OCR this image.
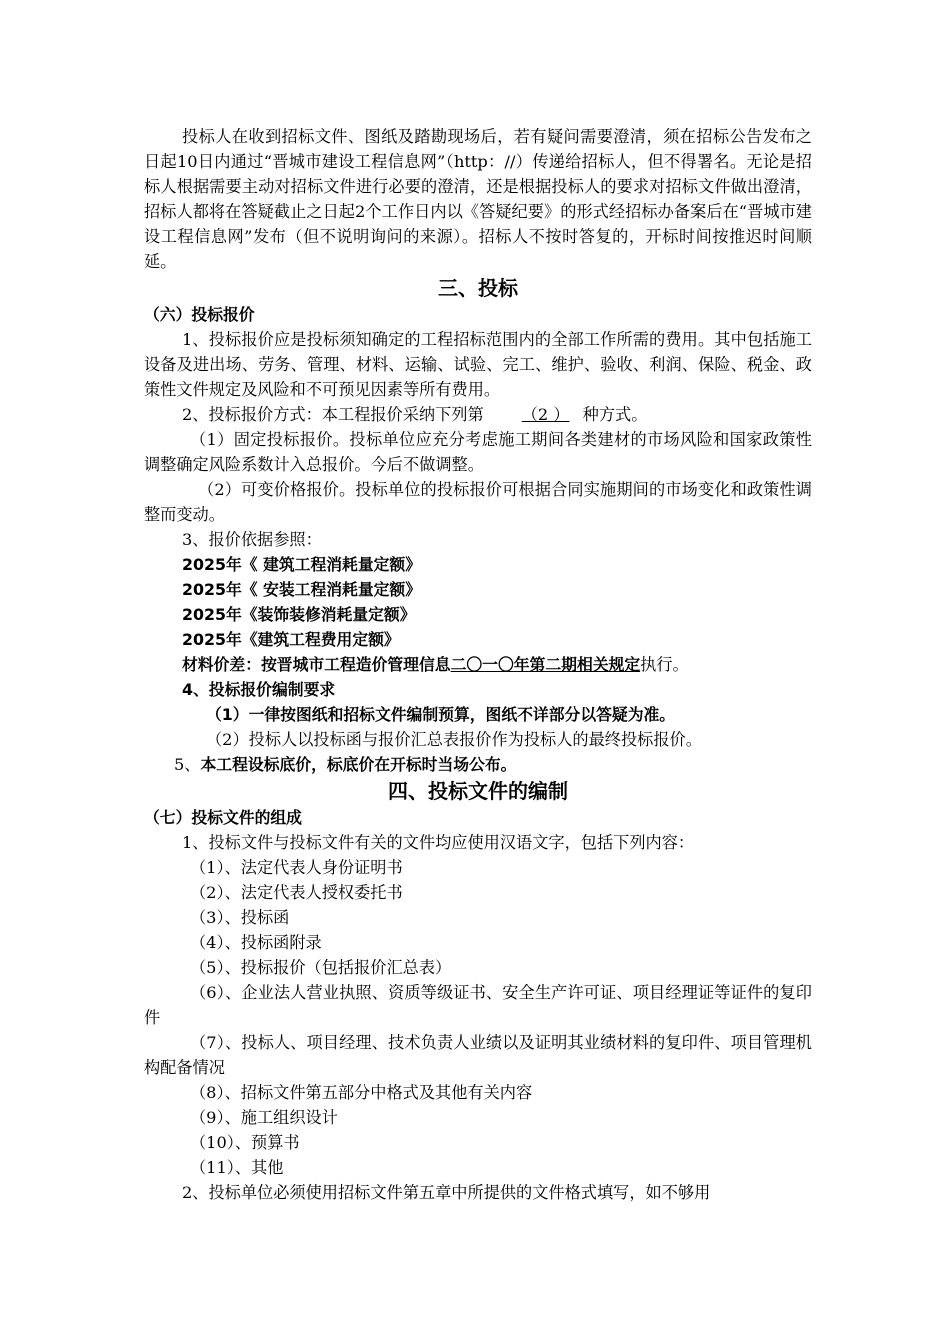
投标人在收到招标文件、图纸及踏勘现场后，若有疑问需要澄清，须在招标公告发布之日起10日内通过“晋城市建设工程信息网”（http：//）传递给招标人，但不得署名。无论是招标人根据需要主动对招标文件进行必要的澄清，还是根据投标人的要求对招标文件做出澄清，招标人都将在答疑截止之日起2个工作日内以《答疑纪要》的形式经招标办备案后在“晋城市建设工程信息网”发布（但不说明询问的来源）。招标人不按时答复的，开标时间按推迟时间顺延。

三、投标

（六）投标报价

1、投标报价应是投标须知确定的工程招标范围内的全部工作所需的费用。其中包括施工设备及进出场、劳务、管理、材料、运输、试验、完工、维护、验收、利润、保险、税金、政策性文件规定及风险和不可预见因素等所有费用。

2、投标报价方式：本工程报价采纳下列第 （2 ） 种方式。

（1）固定投标报价。投标单位应充分考虑施工期间各类建材的市场风险和国家政策性调整确定风险系数计入总报价。今后不做调整。

（2）可变价格报价。投标单位的投标报价可根据合同实施期间的市场变化和政策性调整而变动。

3、报价依据参照：

2025年《 建筑工程消耗量定额》

2025年《 安装工程消耗量定额》

2025年《装饰装修消耗量定额》

2025年《建筑工程费用定额》

材料价差：按晋城市工程造价管理信息二〇一〇年第二期相关规定执行。

4、投标报价编制要求

（1）一律按图纸和招标文件编制预算，图纸不详部分以答疑为准。

（2）投标人以投标函与报价汇总表报价作为投标人的最终投标报价。

5、本工程设标底价，标底价在开标时当场公布。

四、投标文件的编制

（七）投标文件的组成

1、投标文件与投标文件有关的文件均应使用汉语文字，包括下列内容：

（1）、法定代表人身份证明书

（2）、法定代表人授权委托书

（3）、投标函

（4）、投标函附录

（5）、投标报价（包括报价汇总表）

（6）、企业法人营业执照、资质等级证书、安全生产许可证、项目经理证等证件的复印件

（7）、投标人、项目经理、技术负责人业绩以及证明其业绩材料的复印件、项目管理机构配备情况

（8）、招标文件第五部分中格式及其他有关内容

（9）、施工组织设计

（10）、预算书

（11）、其他

2、投标单位必须使用招标文件第五章中所提供的文件格式填写，如不够用
